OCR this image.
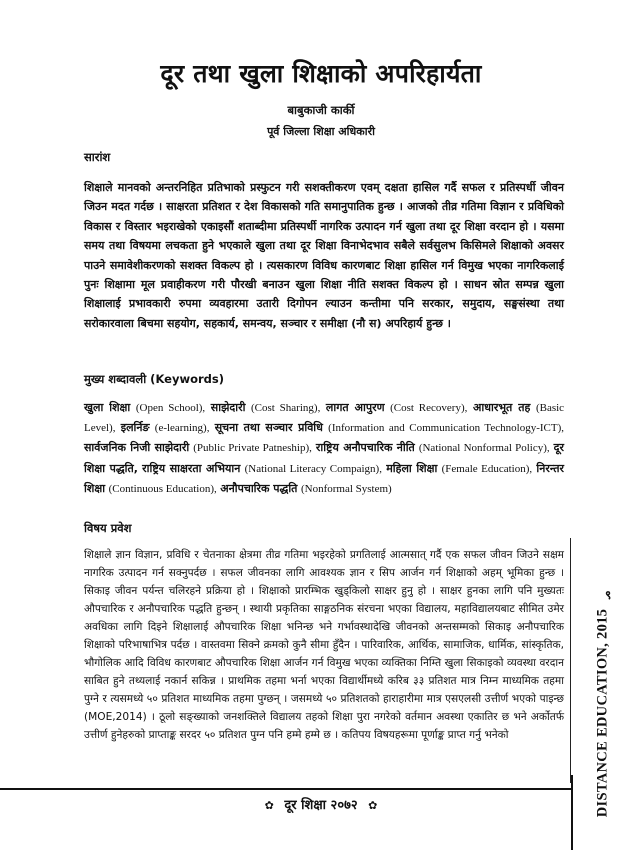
दूर तथा खुला शिक्षाको अपरिहार्यता
बाबुकाजी कार्की
पूर्व जिल्ला शिक्षा अधिकारी
सारांश
शिक्षाले मानवको अन्तरनिहित प्रतिभाको प्रस्फुटन गरी सशक्तीकरण एवम् दक्षता हासिल गर्दै सफल र प्रतिस्पर्धी जीवन जिउन मदत गर्दछ । साक्षरता प्रतिशत र देश विकासको गति समानुपातिक हुन्छ । आजको तीव्र गतिमा विज्ञान र प्रविधिको विकास र विस्तार भइराखेको एकाइसौं शताब्दीमा प्रतिस्पर्धी नागरिक उत्पादन गर्न खुला तथा दूर शिक्षा वरदान हो । यसमा समय तथा विषयमा लचकता हुने भएकाले खुला तथा दूर शिक्षा विनाभेदभाव सबैले सर्वसुलभ किसिमले शिक्षाको अवसर पाउने समावेशीकरणको सशक्त विकल्प हो । त्यसकारण विविध कारणबाट शिक्षा हासिल गर्न विमुख भएका नागरिकलाई पुनः शिक्षामा मूल प्रवाहीकरण गरी पौरखी बनाउन खुला शिक्षा नीति सशक्त विकल्प हो । साधन स्रोत सम्पन्न खुला शिक्षालाई प्रभावकारी रुपमा व्यवहारमा उतारी दिगोपन ल्याउन कन्तीमा पनि सरकार, समुदाय, सङ्घसंस्था तथा सरोकारवाला बिचमा सहयोग, सहकार्य, समन्वय, सञ्चार र समीक्षा (नौ स) अपरिहार्य हुन्छ ।
मुख्य शब्दावली (Keywords)
खुला शिक्षा (Open School), साझेदारी (Cost Sharing), लागत आपुरण (Cost Recovery), आधारभूत तह (Basic Level), इलर्निङ (e-learning), सूचना तथा सञ्चार प्रविधि (Information and Communication Technology-ICT), सार्वजनिक निजी साझेदारी (Public Private Patneship), राष्ट्रिय अनौपचारिक नीति (National Nonformal Policy), दूर शिक्षा पद्धति, राष्ट्रिय साक्षरता अभियान (National Literacy Compaign), महिला शिक्षा (Female Education), निरन्तर शिक्षा (Continuous Education), अनौपचारिक पद्धति (Nonformal System)
विषय प्रवेश
शिक्षाले ज्ञान विज्ञान, प्रविधि र चेतनाका क्षेत्रमा तीव्र गतिमा भइरहेको प्रगतिलाई आत्मसात् गर्दै एक सफल जीवन जिउने सक्षम नागरिक उत्पादन गर्न सक्नुपर्दछ । सफल जीवनका लागि आवश्यक ज्ञान र सिप आर्जन गर्न शिक्षाको अहम् भूमिका हुन्छ । सिकाइ जीवन पर्यन्त चलिरहने प्रक्रिया हो । शिक्षाको प्रारम्भिक खुड्किलो साक्षर हुनु हो । साक्षर हुनका लागि पनि मुख्यतः औपचारिक र अनौपचारिक पद्धति हुन्छन् । स्थायी प्रकृतिका साङ्गठनिक संरचना भएका विद्यालय, महाविद्यालयबाट सीमित उमेर अवधिका लागि दिइने शिक्षालाई औपचारिक शिक्षा भनिन्छ भने गर्भावस्थादेखि जीवनको अन्तसम्मको सिकाइ अनौपचारिक शिक्षाको परिभाषाभित्र पर्दछ । वास्तवमा सिक्ने क्रमको कुनै सीमा हुँदैन । पारिवारिक, आर्थिक, सामाजिक, धार्मिक, सांस्कृतिक, भौगोलिक आदि विविध कारणबाट औपचारिक शिक्षा आर्जन गर्न विमुख भएका व्यक्तिका निम्ति खुला सिकाइको व्यवस्था वरदान साबित हुने तथ्यलाई नकार्न सकिन्न । प्राथमिक तहमा भर्ना भएका विद्यार्थीमध्ये करिब ३३ प्रतिशत मात्र निम्न माध्यमिक तहमा पुग्ने र त्यसमध्ये ५० प्रतिशत माध्यमिक तहमा पुग्छन् । जसमध्ये ५० प्रतिशतको हाराहारीमा मात्र एसएलसी उत्तीर्ण भएको पाइन्छ (MOE,2014) । ठूलो सङ्ख्याको जनशक्तिले विद्यालय तहको शिक्षा पुरा नगरेको वर्तमान अवस्था एकातिर छ भने अर्कोतर्फ उत्तीर्ण हुनेहरुको प्राप्ताङ्क सरदर ५० प्रतिशत पुग्न पनि हम्मे हम्मे छ । कतिपय विषयहरूमा पूर्णाङ्क प्राप्त गर्नु भनेको
९
DISTANCE EDUCATION, 2015
✿ दूर शिक्षा २०७२ ✿
